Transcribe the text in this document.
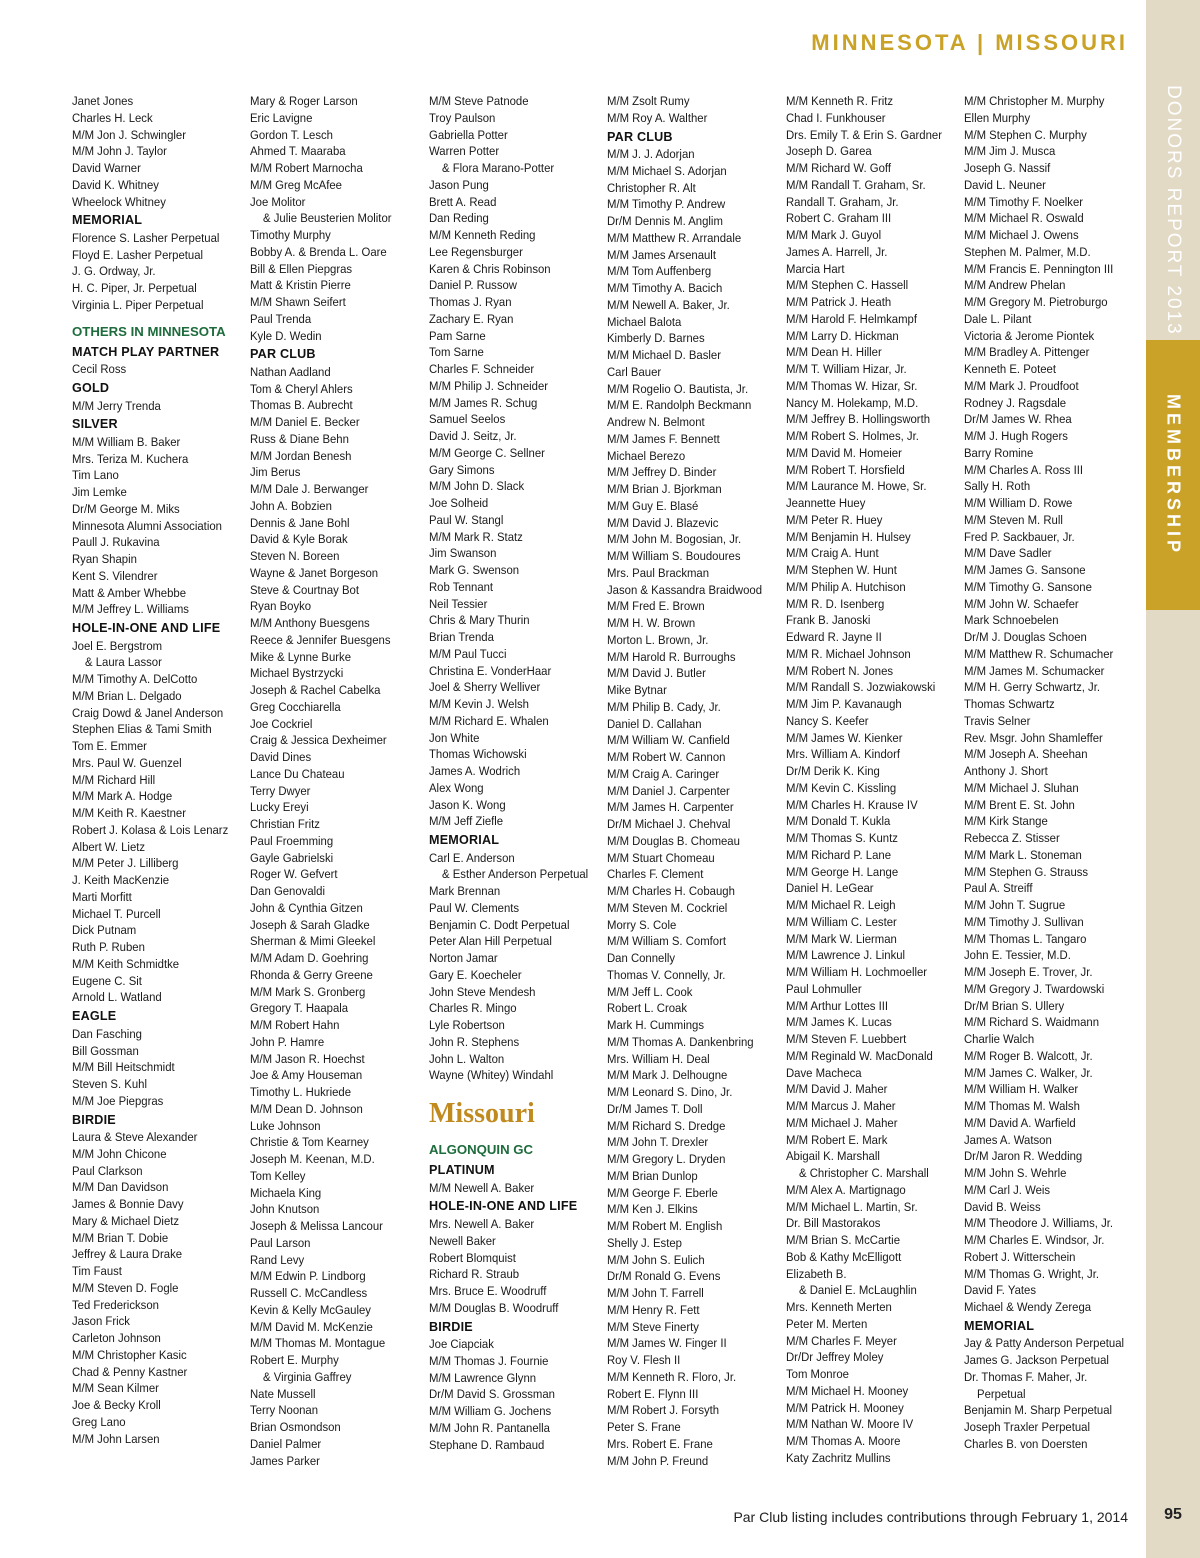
MINNESOTA | MISSOURI
DONORS REPORT 2013
MEMBERSHIP
Janet Jones
Charles H. Leck
M/M Jon J. Schwingler
M/M John J. Taylor
David Warner
David K. Whitney
Wheelock Whitney
MEMORIAL
Florence S. Lasher Perpetual
Floyd E. Lasher Perpetual
J. G. Ordway, Jr.
H. C. Piper, Jr. Perpetual
Virginia L. Piper Perpetual
OTHERS IN MINNESOTA
MATCH PLAY PARTNER
Cecil Ross
GOLD
M/M Jerry Trenda
SILVER
M/M William B. Baker
Mrs. Teriza M. Kuchera
Tim Lano
Jim Lemke
Dr/M George M. Miks
Minnesota Alumni Association
Paull J. Rukavina
Ryan Shapin
Kent S. Vilendrer
Matt & Amber Whebbe
M/M Jeffrey L. Williams
HOLE-IN-ONE AND LIFE
Joel E. Bergstrom
& Laura Lassor
M/M Timothy A. DelCotto
M/M Brian L. Delgado
Craig Dowd & Janel Anderson
Stephen Elias & Tami Smith
Tom E. Emmer
Mrs. Paul W. Guenzel
M/M Richard Hill
M/M Mark A. Hodge
M/M Keith R. Kaestner
Robert J. Kolasa & Lois Lenarz
Albert W. Lietz
M/M Peter J. Lilliberg
J. Keith MacKenzie
Marti Morfitt
Michael T. Purcell
Dick Putnam
Ruth P. Ruben
M/M Keith Schmidtke
Eugene C. Sit
Arnold L. Watland
EAGLE
Dan Fasching
Bill Gossman
M/M Bill Heitschmidt
Steven S. Kuhl
M/M Joe Piepgras
BIRDIE
Laura & Steve Alexander
M/M John Chicone
Paul Clarkson
M/M Dan Davidson
James & Bonnie Davy
Mary & Michael Dietz
M/M Brian T. Dobie
Jeffrey & Laura Drake
Tim Faust
M/M Steven D. Fogle
Ted Frederickson
Jason Frick
Carleton Johnson
M/M Christopher Kasic
Chad & Penny Kastner
M/M Sean Kilmer
Joe & Becky Kroll
Greg Lano
M/M John Larsen
Mary & Roger Larson
Eric Lavigne
Gordon T. Lesch
Ahmed T. Maaraba
M/M Robert Marnocha
M/M Greg McAfee
Joe Molitor
& Julie Beusterien Molitor
Timothy Murphy
Bobby A. & Brenda L. Oare
Bill & Ellen Piepgras
Matt & Kristin Pierre
M/M Shawn Seifert
Paul Trenda
Kyle D. Wedin
PAR CLUB
Nathan Aadland
Tom & Cheryl Ahlers
Thomas B. Aubrecht
M/M Daniel E. Becker
Russ & Diane Behn
M/M Jordan Benesh
Jim Berus
M/M Dale J. Berwanger
John A. Bobzien
Dennis & Jane Bohl
David & Kyle Borak
Steven N. Boreen
Wayne & Janet Borgeson
Steve & Courtnay Bot
Ryan Boyko
M/M Anthony Buesgens
Reece & Jennifer Buesgens
Mike & Lynne Burke
Michael Bystrzycki
Joseph & Rachel Cabelka
Greg Cocchiarella
Joe Cockriel
Craig & Jessica Dexheimer
David Dines
Lance Du Chateau
Terry Dwyer
Lucky Ereyi
Christian Fritz
Paul Froemming
Gayle Gabrielski
Roger W. Gefvert
Dan Genovaldi
John & Cynthia Gitzen
Joseph & Sarah Gladke
Sherman & Mimi Gleekel
M/M Adam D. Goehring
Rhonda & Gerry Greene
M/M Mark S. Gronberg
Gregory T. Haapala
M/M Robert Hahn
John P. Hamre
M/M Jason R. Hoechst
Joe & Amy Houseman
Timothy L. Hukriede
M/M Dean D. Johnson
Luke Johnson
Christie & Tom Kearney
Joseph M. Keenan, M.D.
Tom Kelley
Michaela King
John Knutson
Joseph & Melissa Lancour
Paul Larson
Rand Levy
M/M Edwin P. Lindborg
Russell C. McCandless
Kevin & Kelly McGauley
M/M David M. McKenzie
M/M Thomas M. Montague
Robert E. Murphy
& Virginia Gaffrey
Nate Mussell
Terry Noonan
Brian Osmondson
Daniel Palmer
James Parker
M/M Steve Patnode
Troy Paulson
Gabriella Potter
Warren Potter
& Flora Marano-Potter
Jason Pung
Brett A. Read
Dan Reding
M/M Kenneth Reding
Lee Regensburger
Karen & Chris Robinson
Daniel P. Russow
Thomas J. Ryan
Zachary E. Ryan
Pam Sarne
Tom Sarne
Charles F. Schneider
M/M Philip J. Schneider
M/M James R. Schug
Samuel Seelos
David J. Seitz, Jr.
M/M George C. Sellner
Gary Simons
M/M John D. Slack
Joe Solheid
Paul W. Stangl
M/M Mark R. Statz
Jim Swanson
Mark G. Swenson
Rob Tennant
Neil Tessier
Chris & Mary Thurin
Brian Trenda
M/M Paul Tucci
Christina E. VonderHaar
Joel & Sherry Welliver
M/M Kevin J. Welsh
M/M Richard E. Whalen
Jon White
Thomas Wichowski
James A. Wodrich
Alex Wong
Jason K. Wong
M/M Jeff Ziefle
MEMORIAL
Carl E. Anderson
& Esther Anderson Perpetual
Mark Brennan
Paul W. Clements
Benjamin C. Dodt Perpetual
Peter Alan Hill Perpetual
Norton Jamar
Gary E. Koecheler
John Steve Mendesh
Charles R. Mingo
Lyle Robertson
John R. Stephens
John L. Walton
Wayne (Whitey) Windahl
Missouri
ALGONQUIN GC
PLATINUM
M/M Newell A. Baker
HOLE-IN-ONE AND LIFE
Mrs. Newell A. Baker
Newell Baker
Robert Blomquist
Richard R. Straub
Mrs. Bruce E. Woodruff
M/M Douglas B. Woodruff
BIRDIE
Joe Ciapciak
M/M Thomas J. Fournie
M/M Lawrence Glynn
Dr/M David S. Grossman
M/M William G. Jochens
M/M John R. Pantanella
Stephane D. Rambaud
M/M Zsolt Rumy
M/M Roy A. Walther
PAR CLUB
M/M J. J. Adorjan
M/M Michael S. Adorjan
Christopher R. Alt
M/M Timothy P. Andrew
Dr/M Dennis M. Anglim
M/M Matthew R. Arrandale
M/M James Arsenault
M/M Tom Auffenberg
M/M Timothy A. Bacich
M/M Newell A. Baker, Jr.
Michael Balota
Kimberly D. Barnes
M/M Michael D. Basler
Carl Bauer
M/M Rogelio O. Bautista, Jr.
M/M E. Randolph Beckmann
Andrew N. Belmont
M/M James F. Bennett
Michael Berezo
M/M Jeffrey D. Binder
M/M Brian J. Bjorkman
M/M Guy E. Blasé
M/M David J. Blazevic
M/M John M. Bogosian, Jr.
M/M William S. Boudoures
Mrs. Paul Brackman
Jason & Kassandra Braidwood
M/M Fred E. Brown
M/M H. W. Brown
Morton L. Brown, Jr.
M/M Harold R. Burroughs
M/M David J. Butler
Mike Bytnar
M/M Philip B. Cady, Jr.
Daniel D. Callahan
M/M William W. Canfield
M/M Robert W. Cannon
M/M Craig A. Caringer
M/M Daniel J. Carpenter
M/M James H. Carpenter
Dr/M Michael J. Chehval
M/M Douglas B. Chomeau
M/M Stuart Chomeau
Charles F. Clement
M/M Charles H. Cobaugh
M/M Steven M. Cockriel
Morry S. Cole
M/M William S. Comfort
Dan Connelly
Thomas V. Connelly, Jr.
M/M Jeff L. Cook
Robert L. Croak
Mark H. Cummings
M/M Thomas A. Dankenbring
Mrs. William H. Deal
M/M Mark J. Delhougne
M/M Leonard S. Dino, Jr.
Dr/M James T. Doll
M/M Richard S. Dredge
M/M John T. Drexler
M/M Gregory L. Dryden
M/M Brian Dunlop
M/M George F. Eberle
M/M Ken J. Elkins
M/M Robert M. English
Shelly J. Estep
M/M John S. Eulich
Dr/M Ronald G. Evens
M/M John T. Farrell
M/M Henry R. Fett
M/M Steve Finerty
M/M James W. Finger II
Roy V. Flesh II
M/M Kenneth R. Floro, Jr.
Robert E. Flynn III
M/M Robert J. Forsyth
Peter S. Frane
Mrs. Robert E. Frane
M/M John P. Freund
M/M Kenneth R. Fritz
Chad I. Funkhouser
Drs. Emily T. & Erin S. Gardner
Joseph D. Garea
M/M Richard W. Goff
M/M Randall T. Graham, Sr.
Randall T. Graham, Jr.
Robert C. Graham III
M/M Mark J. Guyol
James A. Harrell, Jr.
Marcia Hart
M/M Stephen C. Hassell
M/M Patrick J. Heath
M/M Harold F. Helmkampf
M/M Larry D. Hickman
M/M Dean H. Hiller
M/M T. William Hizar, Jr.
M/M Thomas W. Hizar, Sr.
Nancy M. Holekamp, M.D.
M/M Jeffrey B. Hollingsworth
M/M Robert S. Holmes, Jr.
M/M David M. Homeier
M/M Robert T. Horsfield
M/M Laurance M. Howe, Sr.
Jeannette Huey
M/M Peter R. Huey
M/M Benjamin H. Hulsey
M/M Craig A. Hunt
M/M Stephen W. Hunt
M/M Philip A. Hutchison
M/M R. D. Isenberg
Frank B. Janoski
Edward R. Jayne II
M/M R. Michael Johnson
M/M Robert N. Jones
M/M Randall S. Jozwiakowski
M/M Jim P. Kavanaugh
Nancy S. Keefer
M/M James W. Kienker
Mrs. William A. Kindorf
Dr/M Derik K. King
M/M Kevin C. Kissling
M/M Charles H. Krause IV
M/M Donald T. Kukla
M/M Thomas S. Kuntz
M/M Richard P. Lane
M/M George H. Lange
Daniel H. LeGear
M/M Michael R. Leigh
M/M William C. Lester
M/M Mark W. Lierman
M/M Lawrence J. Linkul
M/M William H. Lochmoeller
Paul Lohmuller
M/M Arthur Lottes III
M/M James K. Lucas
M/M Steven F. Luebbert
M/M Reginald W. MacDonald
Dave Macheca
M/M David J. Maher
M/M Marcus J. Maher
M/M Michael J. Maher
M/M Robert E. Mark
Abigail K. Marshall
& Christopher C. Marshall
M/M Alex A. Martignago
M/M Michael L. Martin, Sr.
Dr. Bill Mastorakos
M/M Brian S. McCartie
Bob & Kathy McElligott
Elizabeth B.
& Daniel E. McLaughlin
Mrs. Kenneth Merten
Peter M. Merten
M/M Charles F. Meyer
Dr/Dr Jeffrey Moley
Tom Monroe
M/M Michael H. Mooney
M/M Patrick H. Mooney
M/M Nathan W. Moore IV
M/M Thomas A. Moore
Katy Zachritz Mullins
M/M Christopher M. Murphy
Ellen Murphy
M/M Stephen C. Murphy
M/M Jim J. Musca
Joseph G. Nassif
David L. Neuner
M/M Timothy F. Noelker
M/M Michael R. Oswald
M/M Michael J. Owens
Stephen M. Palmer, M.D.
M/M Francis E. Pennington III
M/M Andrew Phelan
M/M Gregory M. Pietroburgo
Dale L. Pilant
Victoria & Jerome Piontek
M/M Bradley A. Pittenger
Kenneth E. Poteet
M/M Mark J. Proudfoot
Rodney J. Ragsdale
Dr/M James W. Rhea
M/M J. Hugh Rogers
Barry Romine
M/M Charles A. Ross III
Sally H. Roth
M/M William D. Rowe
M/M Steven M. Rull
Fred P. Sackbauer, Jr.
M/M Dave Sadler
M/M James G. Sansone
M/M Timothy G. Sansone
M/M John W. Schaefer
Mark Schnoebelen
Dr/M J. Douglas Schoen
M/M Matthew R. Schumacher
M/M James M. Schumacker
M/M H. Gerry Schwartz, Jr.
Thomas Schwartz
Travis Selner
Rev. Msgr. John Shamleffer
M/M Joseph A. Sheehan
Anthony J. Short
M/M Michael J. Sluhan
M/M Brent E. St. John
M/M Kirk Stange
Rebecca Z. Stisser
M/M Mark L. Stoneman
M/M Stephen G. Strauss
Paul A. Streiff
M/M John T. Sugrue
M/M Timothy J. Sullivan
M/M Thomas L. Tangaro
John E. Tessier, M.D.
M/M Joseph E. Trover, Jr.
M/M Gregory J. Twardowski
Dr/M Brian S. Ullery
M/M Richard S. Waidmann
Charlie Walch
M/M Roger B. Walcott, Jr.
M/M James C. Walker, Jr.
M/M William H. Walker
M/M Thomas M. Walsh
M/M David A. Warfield
James A. Watson
Dr/M Jaron R. Wedding
M/M John S. Wehrle
M/M Carl J. Weis
David B. Weiss
M/M Theodore J. Williams, Jr.
M/M Charles E. Windsor, Jr.
Robert J. Witterschein
M/M Thomas G. Wright, Jr.
David F. Yates
Michael & Wendy Zerega
MEMORIAL
Jay & Patty Anderson Perpetual
James G. Jackson Perpetual
Dr. Thomas F. Maher, Jr.
Perpetual
Benjamin M. Sharp Perpetual
Joseph Traxler Perpetual
Charles B. von Doersten
Par Club listing includes contributions through February 1, 2014	95
